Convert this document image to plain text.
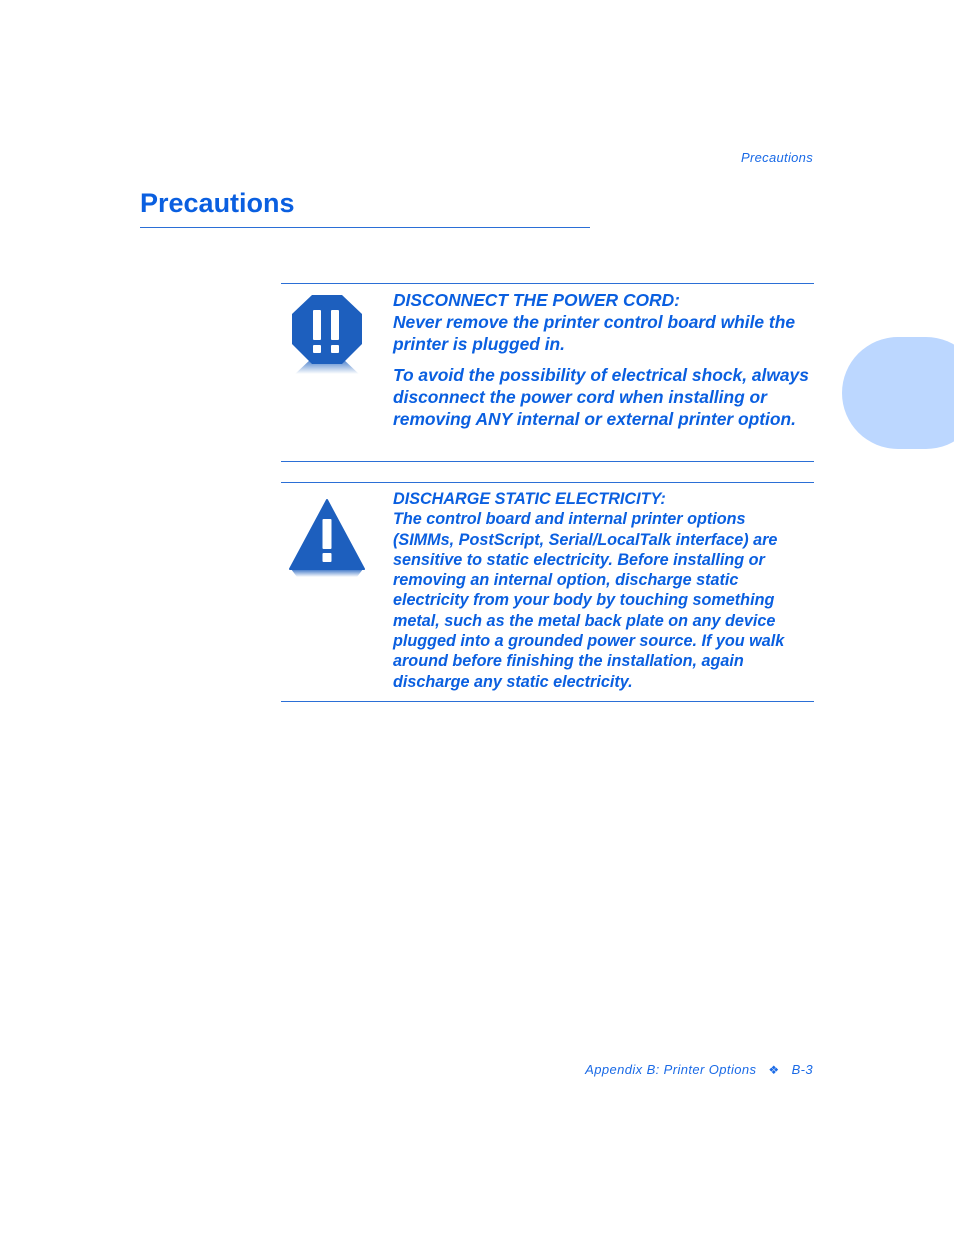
Precautions
Precautions

DISCONNECT THE POWER CORD:

Never remove the printer control board while the printer is plugged in.

To avoid the possibility of electrical shock, always disconnect the power cord when installing or removing ANY internal or external printer option.

DISCHARGE STATIC ELECTRICITY:

The control board and internal printer options (SIMMs, PostScript, Serial/LocalTalk interface) are sensitive to static electricity. Before installing or removing an internal option, discharge static electricity from your body by touching something metal, such as the metal back plate on any device plugged into a grounded power source. If you walk around before finishing the installation, again discharge any static electricity.

Appendix B: Printer Options ❖ B-3
